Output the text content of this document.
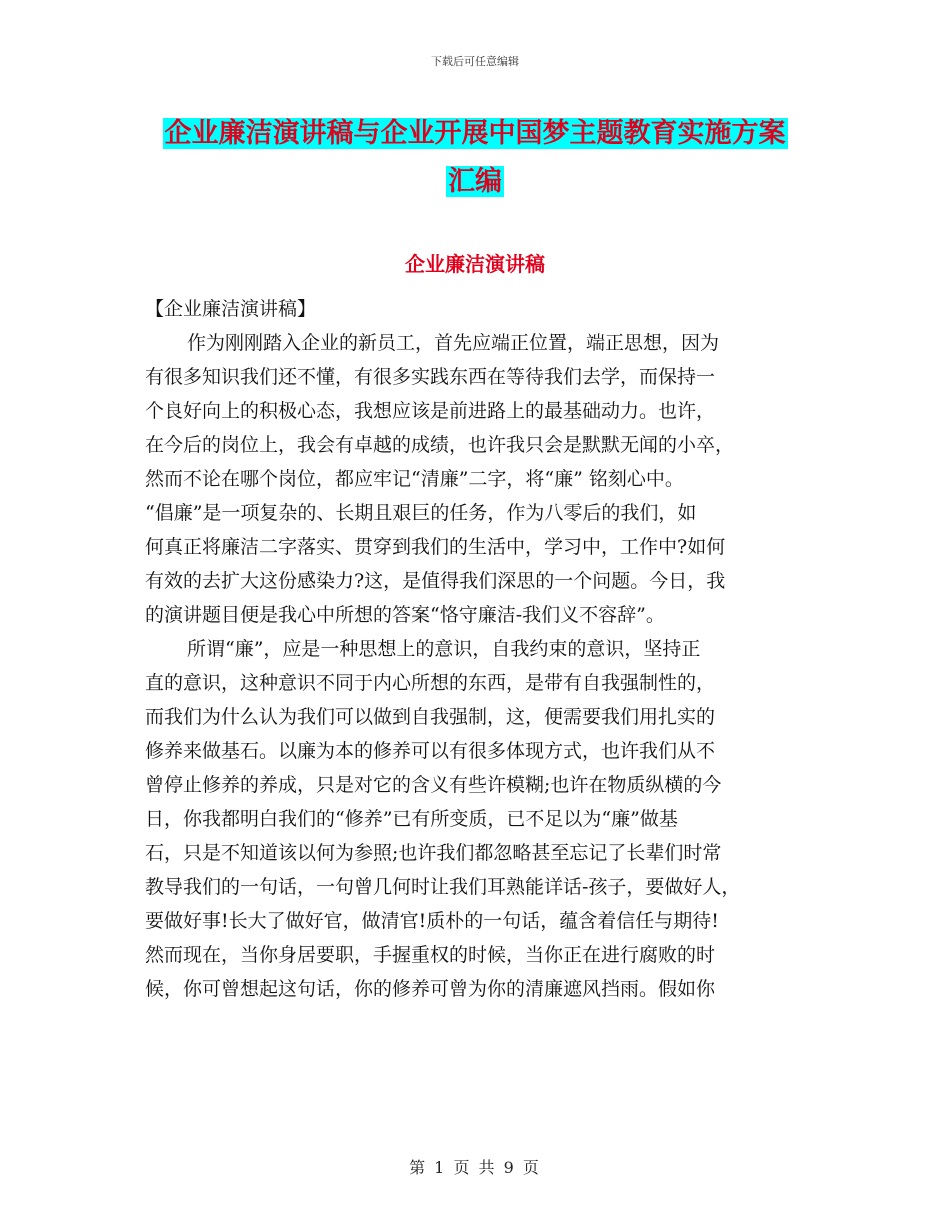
下载后可任意编辑
企业廉洁演讲稿与企业开展中国梦主题教育实施方案
汇编
企业廉洁演讲稿
【企业廉洁演讲稿】
作为刚刚踏入企业的新员工，首先应端正位置，端正思想，因为
有很多知识我们还不懂，有很多实践东西在等待我们去学，而保持一
个良好向上的积极心态，我想应该是前进路上的最基础动力。也许，
在今后的岗位上，我会有卓越的成绩，也许我只会是默默无闻的小卒，
然而不论在哪个岗位，都应牢记“清廉”二字，将“廉” 铭刻心中。
“倡廉”是一项复杂的、长期且艰巨的任务，作为八零后的我们，如
何真正将廉洁二字落实、贯穿到我们的生活中，学习中，工作中?如何
有效的去扩大这份感染力?这，是值得我们深思的一个问题。今日，我
的演讲题目便是我心中所想的答案“恪守廉洁-我们义不容辞”。
所谓“廉”，应是一种思想上的意识，自我约束的意识，坚持正
直的意识，这种意识不同于内心所想的东西，是带有自我强制性的，
而我们为什么认为我们可以做到自我强制，这，便需要我们用扎实的
修养来做基石。以廉为本的修养可以有很多体现方式，也许我们从不
曾停止修养的养成，只是对它的含义有些许模糊;也许在物质纵横的今
日，你我都明白我们的“修养”已有所变质，已不足以为“廉”做基
石，只是不知道该以何为参照;也许我们都忽略甚至忘记了长辈们时常
教导我们的一句话，一句曾几何时让我们耳熟能详话-孩子，要做好人，
要做好事!长大了做好官，做清官!质朴的一句话，蕴含着信任与期待!
然而现在，当你身居要职，手握重权的时候，当你正在进行腐败的时
候，你可曾想起这句话，你的修养可曾为你的清廉遮风挡雨。假如你
第 1 页 共 9 页
